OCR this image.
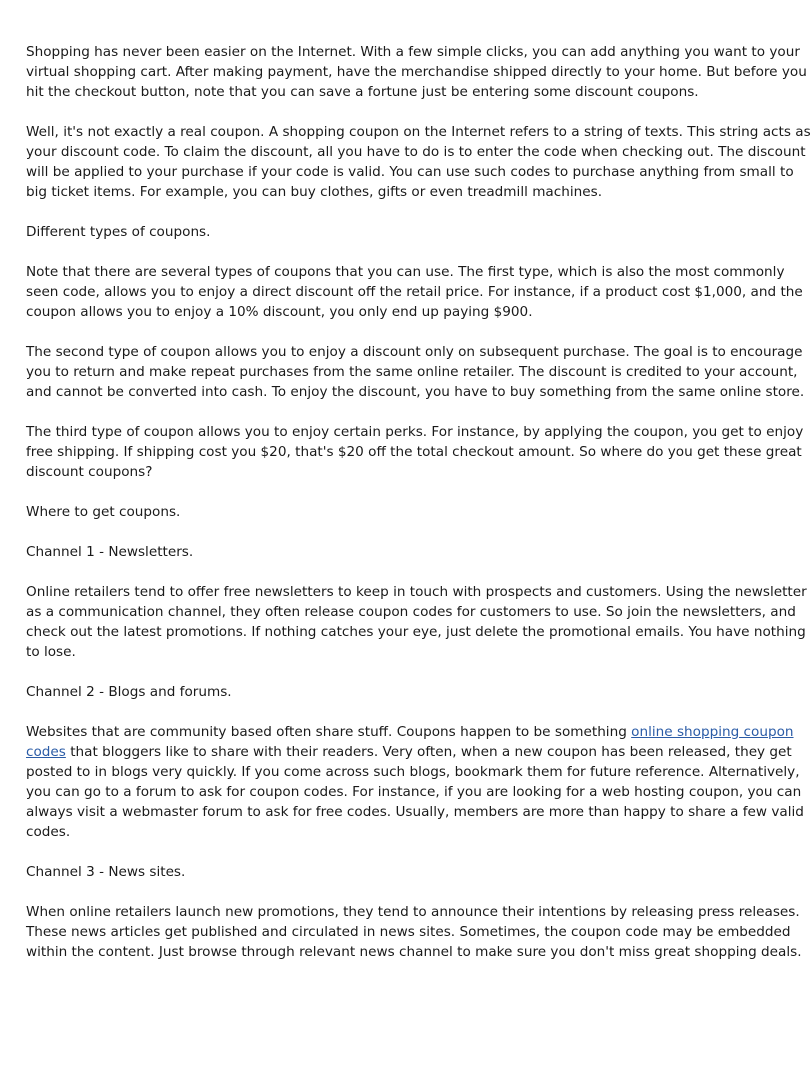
Shopping has never been easier on the Internet. With a few simple clicks, you can add anything you want to your
virtual shopping cart. After making payment, have the merchandise shipped directly to your home. But before you
hit the checkout button, note that you can save a fortune just be entering some discount coupons.

Well, it's not exactly a real coupon. A shopping coupon on the Internet refers to a string of texts. This string acts as
your discount code. To claim the discount, all you have to do is to enter the code when checking out. The discount
will be applied to your purchase if your code is valid. You can use such codes to purchase anything from small to
big ticket items. For example, you can buy clothes, gifts or even treadmill machines.

Different types of coupons.

Note that there are several types of coupons that you can use. The first type, which is also the most commonly
seen code, allows you to enjoy a direct discount off the retail price. For instance, if a product cost $1,000, and the
coupon allows you to enjoy a 10% discount, you only end up paying $900.

The second type of coupon allows you to enjoy a discount only on subsequent purchase. The goal is to encourage
you to return and make repeat purchases from the same online retailer. The discount is credited to your account,
and cannot be converted into cash. To enjoy the discount, you have to buy something from the same online store.

The third type of coupon allows you to enjoy certain perks. For instance, by applying the coupon, you get to enjoy
free shipping. If shipping cost you $20, that's $20 off the total checkout amount. So where do you get these great
discount coupons?

Where to get coupons.

Channel 1 - Newsletters.

Online retailers tend to offer free newsletters to keep in touch with prospects and customers. Using the newsletter
as a communication channel, they often release coupon codes for customers to use. So join the newsletters, and
check out the latest promotions. If nothing catches your eye, just delete the promotional emails. You have nothing
to lose.

Channel 2 - Blogs and forums.

Websites that are community based often share stuff. Coupons happen to be something online shopping coupon
codes that bloggers like to share with their readers. Very often, when a new coupon has been released, they get
posted to in blogs very quickly. If you come across such blogs, bookmark them for future reference. Alternatively,
you can go to a forum to ask for coupon codes. For instance, if you are looking for a web hosting coupon, you can
always visit a webmaster forum to ask for free codes. Usually, members are more than happy to share a few valid
codes.

Channel 3 - News sites.

When online retailers launch new promotions, they tend to announce their intentions by releasing press releases.
These news articles get published and circulated in news sites. Sometimes, the coupon code may be embedded
within the content. Just browse through relevant news channel to make sure you don't miss great shopping deals.
